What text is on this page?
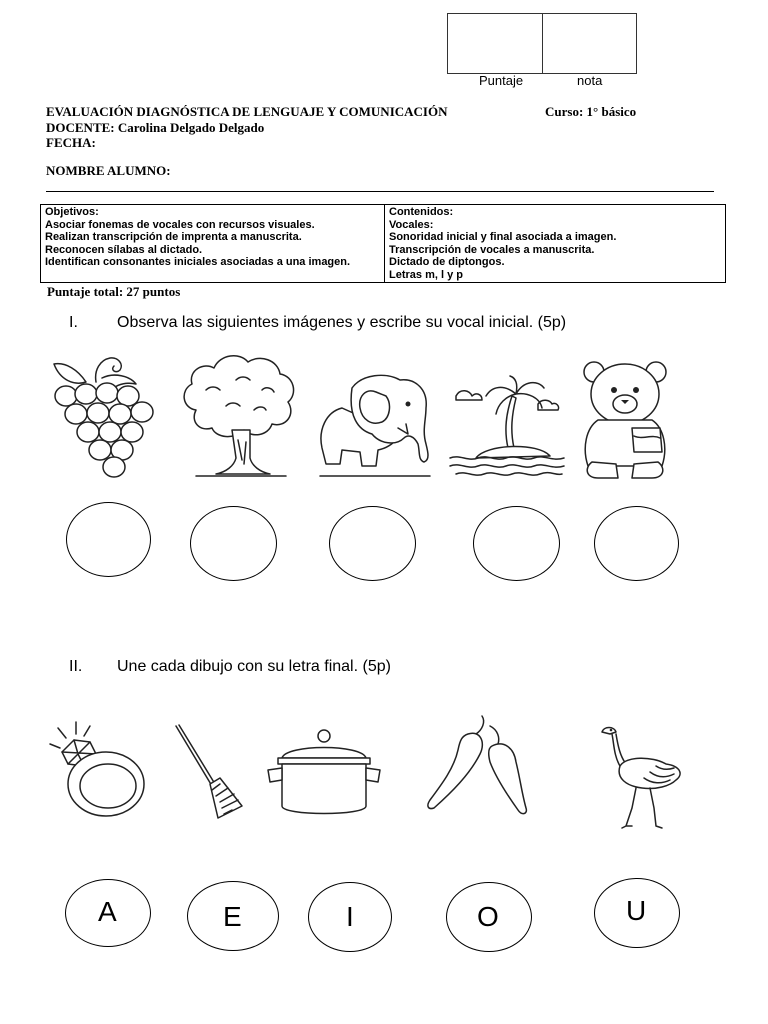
Puntaje	nota
EVALUACIÓN DIAGNÓSTICA DE LENGUAJE Y COMUNICACIÓN	Curso: 1° básico
DOCENTE: Carolina Delgado Delgado
FECHA:
NOMBRE ALUMNO:
Objetivos:
Asociar fonemas de vocales con recursos visuales.
Realizan transcripción de imprenta a manuscrita.
Reconocen sílabas al dictado.
Identifican consonantes iniciales asociadas a una imagen.
Contenidos:
Vocales:
Sonoridad inicial y final asociada a imagen.
Transcripción de vocales a manuscrita.
Dictado de diptongos.
Letras m, l y p
Puntaje total: 27 puntos
I. Observa las siguientes imágenes y escribe su vocal inicial. (5p)
II. Une cada dibujo con su letra final. (5p)
A	E	I	O	U
